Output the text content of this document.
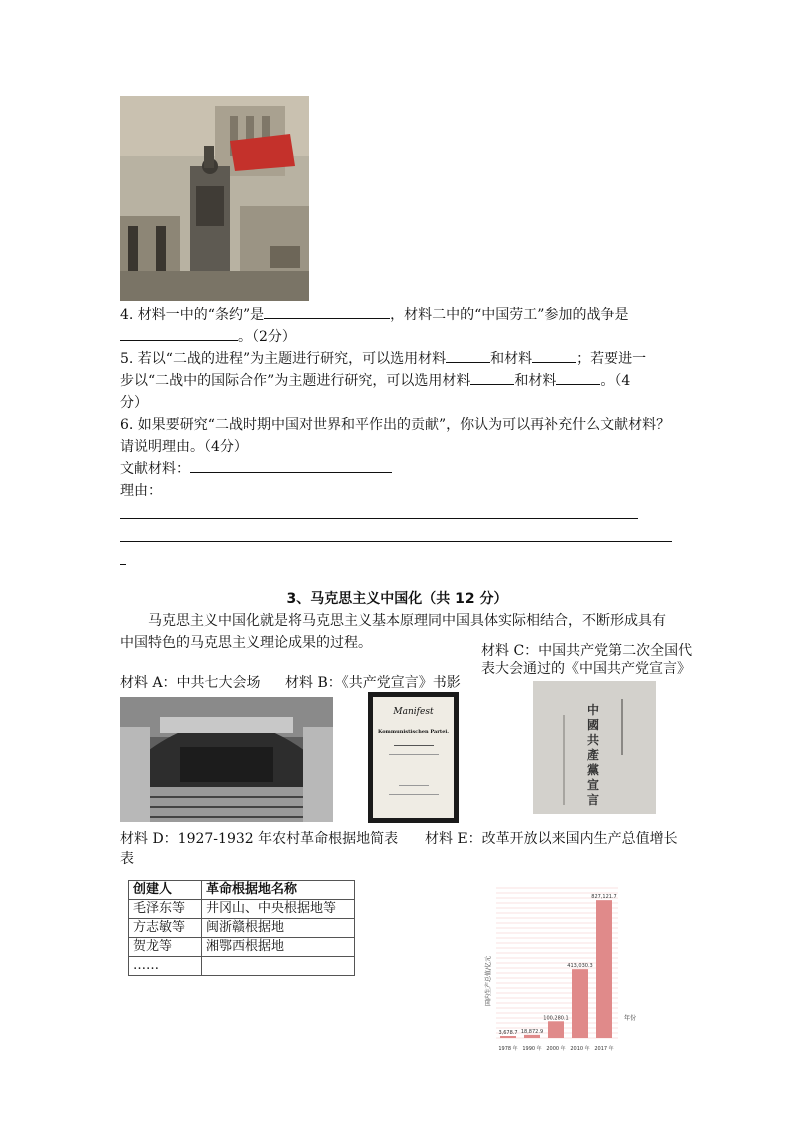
4. 材料一中的“条约”是	，材料二中的“中国劳工”参加的战争是
。（2分）
5. 若以“二战的进程”为主题进行研究，可以选用材料	和材料	；若要进一
步以“二战中的国际合作”为主题进行研究，可以选用材料	和材料	。（4
分）
6. 如果要研究“二战时期中国对世界和平作出的贡献”，你认为可以再补充什么文献材料？
请说明理由。（4分）
文献材料：
理由：
3、马克思主义中国化（共 12 分）
马克思主义中国化就是将马克思主义基本原理同中国具体实际相结合，不断形成具有
中国特色的马克思主义理论成果的过程。	材料 C：中国共产党第二次全国代
表大会通过的《中国共产党宣言》
材料 A：中共七大会场 材料 B：《共产党宣言》书影
Manifest
Kommunistischen Partei.
中國共產黨宣言
材料 D：1927-1932 年农村革命根据地简表
表
材料 E：改革开放以来国内生产总值增长
创建人	革命根据地名称
毛泽东等	井冈山、中央根据地等
方志敏等	闽浙赣根据地
贺龙等	湘鄂西根据地
……	
3,678.7
1978 年
18,872.9
1990 年
100,280.1
2000 年
413,030.3
2010 年
827,121.7
2017 年
国内生产总值/亿元
年份
